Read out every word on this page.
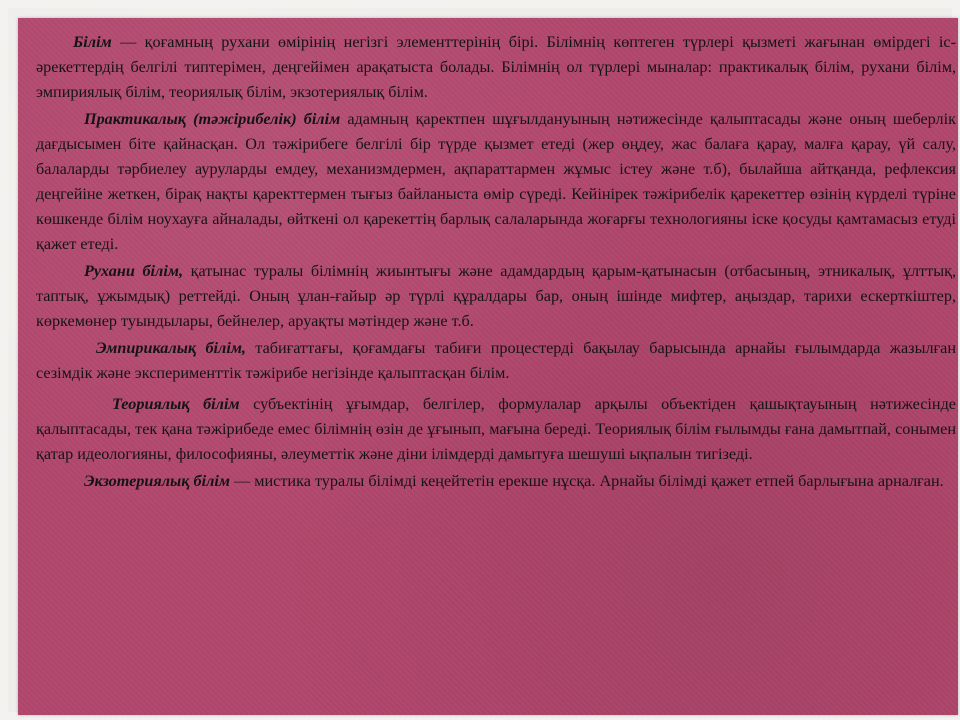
Білім — қоғамның рухани өмірінің негізгі элементтерінің бірі. Білімнің көптеген түрлері қызметі жағынан өмірдегі іс-әрекеттердің белгілі типтерімен, деңгейімен арақатыста болады. Білімнің ол түрлері мыналар: практикалық білім, рухани білім, эмпириялық білім, теориялық білім, экзотериялық білім.

Практикалық (тәжірибелік) білім адамның қаректпен шұғылдануының нәтижесінде қалыптасады және оның шеберлік дағдысымен біте қайнасқан. Ол тәжірибеге белгілі бір түрде қызмет етеді (жер өңдеу, жас балаға қарау, малға қарау, үй салу, балаларды тәрбиелеу ауруларды емдеу, механизмдермен, ақпараттармен жұмыс істеу және т.б), былайша айтқанда, рефлексия деңгейіне жеткен, бірақ нақты қаректтермен тығыз байланыста өмір сүреді. Кейінірек тәжірибелік қарекеттер өзінің күрделі түріне көшкенде білім ноухауға айналады, өйткені ол қарекеттің барлық салаларында жоғарғы технологияны іске қосуды қамтамасыз етуді қажет етеді.

Рухани білім, қатынас туралы білімнің жиынтығы және адамдардың қарым-қатынасын (отбасының, этникалық, ұлттық, таптық, ұжымдық) реттейді. Оның ұлан-ғайыр әр түрлі құралдары бар, оның ішінде мифтер, аңыздар, тарихи ескерткіштер, көркемөнер туындылары, бейнелер, аруақты мәтіндер және т.б.

Эмпирикалық білім, табиғаттағы, қоғамдағы табиғи процестерді бақылау барысында арнайы ғылымдарда жазылған сезімдік және эксперименттік тәжірибе негізінде қалыптасқан білім.

Теориялық білім субъектінің ұғымдар, белгілер, формулалар арқылы объектіден қашықтауының нәтижесінде қалыптасады, тек қана тәжірибеде емес білімнің өзін де ұғынып, мағына береді. Теориялық білім ғылымды ғана дамытпай, сонымен қатар идеологияны, философияны, әлеуметтік және діни ілімдерді дамытуға шешуші ықпалын тигізеді.

Экзотериялық білім — мистика туралы білімді кеңейтетін ерекше нұсқа. Арнайы білімді қажет етпей барлығына арналған.
